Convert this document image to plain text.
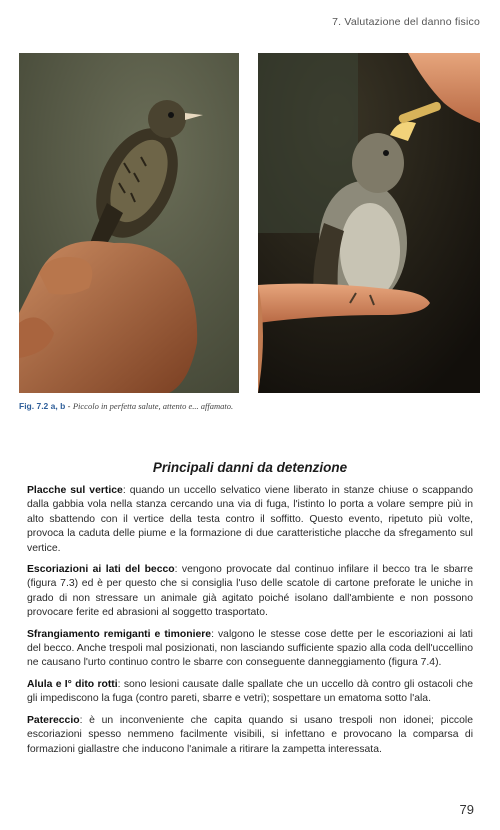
7. Valutazione del danno fisico
Fig. 7.2 a, b - Piccolo in perfetta salute, attento e... affamato.
Principali danni da detenzione

Placche sul vertice: quando un uccello selvatico viene liberato in stanze chiuse o scappando dalla gabbia vola nella stanza cercando una via di fuga, l'istinto lo porta a volare sempre più in alto sbattendo con il vertice della testa contro il soffitto. Questo evento, ripetuto più volte, provoca la caduta delle piume e la formazione di due caratteristiche placche da sfregamento sul vertice.

Escoriazioni ai lati del becco: vengono provocate dal continuo infilare il becco tra le sbarre (figura 7.3) ed è per questo che si consiglia l'uso delle scatole di cartone preforate le uniche in grado di non stressare un animale già agitato poiché isolano dall'ambiente e non possono provocare ferite ed abrasioni al soggetto trasportato.

Sfrangiamento remiganti e timoniere: valgono le stesse cose dette per le escoriazioni ai lati del becco. Anche trespoli mal posizionati, non lasciando sufficiente spazio alla coda dell'uccellino ne causano l'urto continuo contro le sbarre con conseguente danneggiamento (figura 7.4).

Alula e I° dito rotti: sono lesioni causate dalle spallate che un uccello dà contro gli ostacoli che gli impediscono la fuga (contro pareti, sbarre e vetri); sospettare un ematoma sotto l'ala.

Patereccio: è un inconveniente che capita quando si usano trespoli non idonei; piccole escoriazioni spesso nemmeno facilmente visibili, si infettano e provocano la comparsa di formazioni giallastre che inducono l'animale a ritirare la zampetta interessata.

79
